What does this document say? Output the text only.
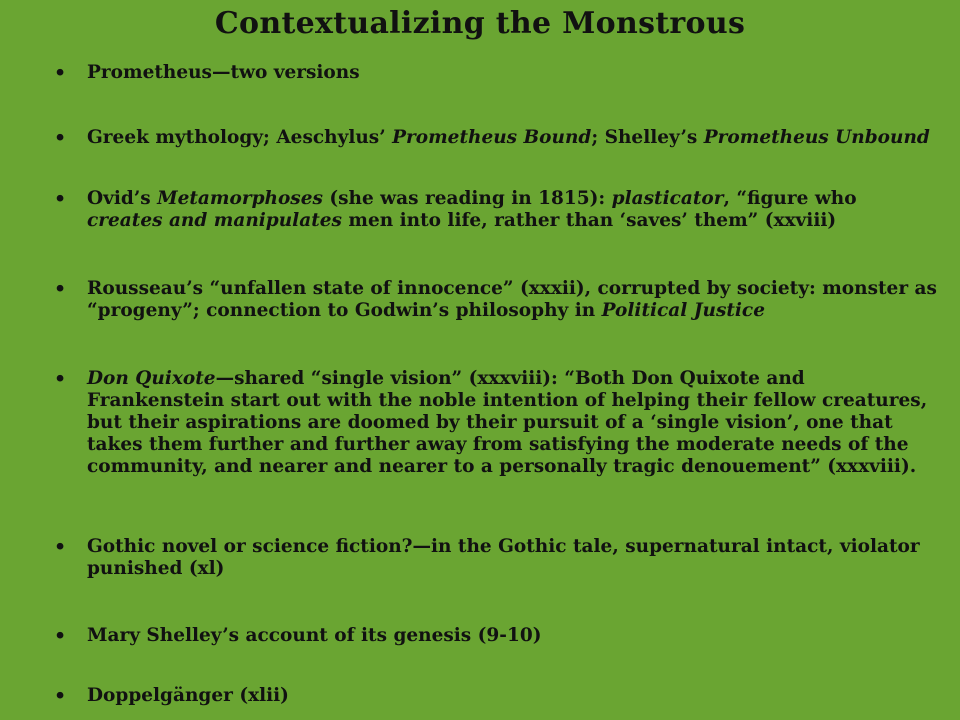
Contextualizing the Monstrous
• Prometheus—two versions
• Greek mythology; Aeschylus’ Prometheus Bound; Shelley’s Prometheus Unbound
• Ovid’s Metamorphoses (she was reading in 1815): plasticator, “figure who creates and manipulates men into life, rather than ‘saves’ them” (xxviii)
• Rousseau’s “unfallen state of innocence” (xxxii), corrupted by society: monster as “progeny”; connection to Godwin’s philosophy in Political Justice
• Don Quixote—shared “single vision” (xxxviii): “Both Don Quixote and Frankenstein start out with the noble intention of helping their fellow creatures, but their aspirations are doomed by their pursuit of a ‘single vision’, one that takes them further and further away from satisfying the moderate needs of the community, and nearer and nearer to a personally tragic denouement” (xxxviii).
• Gothic novel or science fiction?—in the Gothic tale, supernatural intact, violator punished (xl)
• Mary Shelley’s account of its genesis (9-10)
• Doppelgänger (xlii)
